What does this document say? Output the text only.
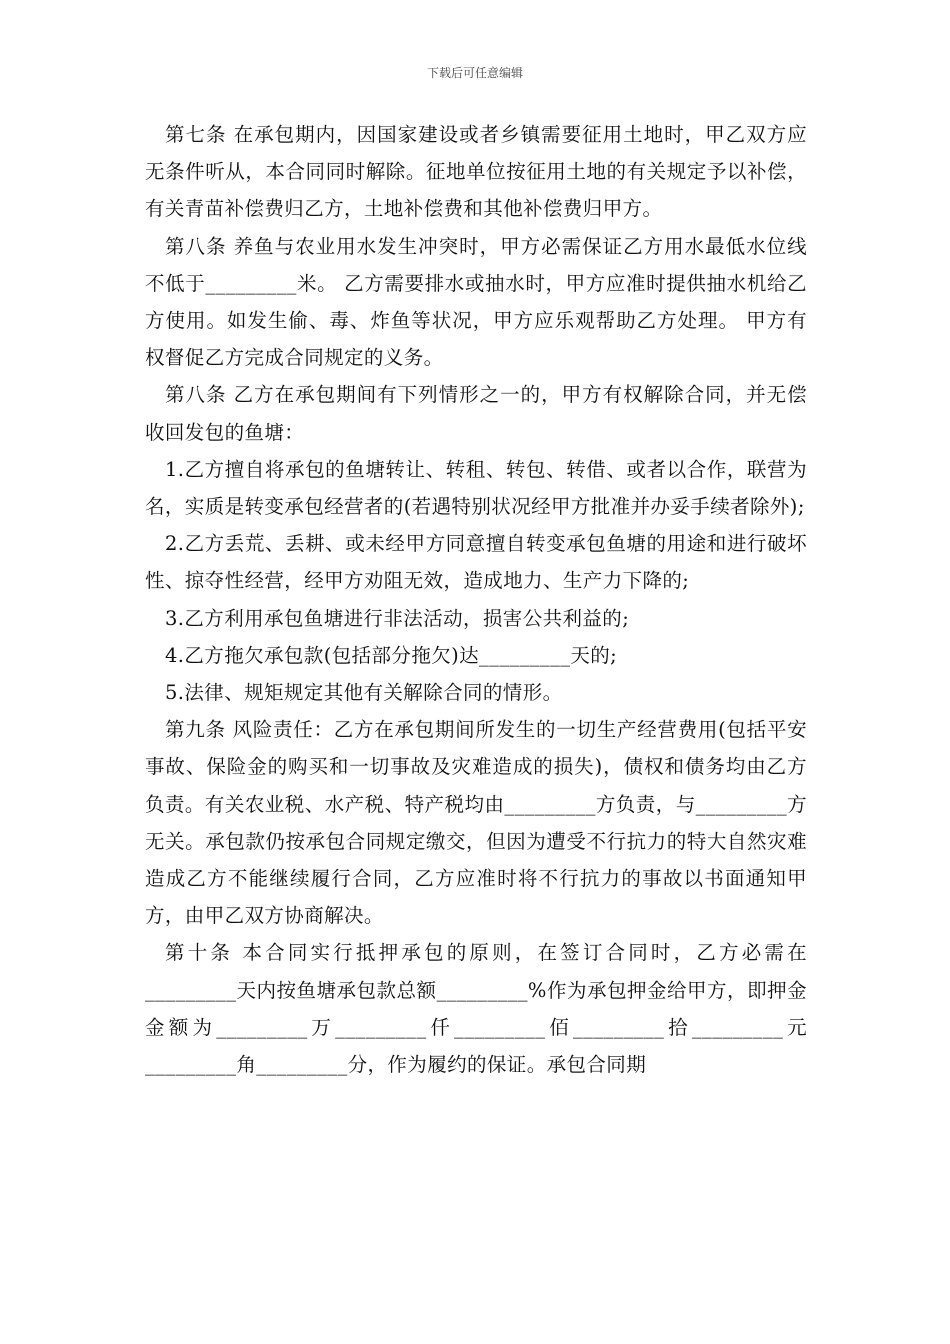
下载后可任意编辑

第七条 在承包期内，因国家建设或者乡镇需要征用土地时，甲乙双方应无条件听从，本合同同时解除。征地单位按征用土地的有关规定予以补偿，有关青苗补偿费归乙方，土地补偿费和其他补偿费归甲方。

第八条 养鱼与农业用水发生冲突时，甲方必需保证乙方用水最低水位线不低于_________米。 乙方需要排水或抽水时，甲方应准时提供抽水机给乙方使用。如发生偷、毒、炸鱼等状况，甲方应乐观帮助乙方处理。 甲方有权督促乙方完成合同规定的义务。

第八条 乙方在承包期间有下列情形之一的，甲方有权解除合同，并无偿收回发包的鱼塘：

1.乙方擅自将承包的鱼塘转让、转租、转包、转借、或者以合作，联营为名，实质是转变承包经营者的(若遇特别状况经甲方批准并办妥手续者除外);

2.乙方丢荒、丢耕、或未经甲方同意擅自转变承包鱼塘的用途和进行破坏性、掠夺性经营，经甲方劝阻无效，造成地力、生产力下降的;

3.乙方利用承包鱼塘进行非法活动，损害公共利益的;

4.乙方拖欠承包款(包括部分拖欠)达_________天的;

5.法律、规矩规定其他有关解除合同的情形。

第九条 风险责任：乙方在承包期间所发生的一切生产经营费用(包括平安事故、保险金的购买和一切事故及灾难造成的损失)，债权和债务均由乙方负责。有关农业税、水产税、特产税均由_________方负责，与_________方无关。承包款仍按承包合同规定缴交，但因为遭受不行抗力的特大自然灾难造成乙方不能继续履行合同，乙方应准时将不行抗力的事故以书面通知甲方，由甲乙双方协商解决。

第十条 本合同实行抵押承包的原则，在签订合同时，乙方必需在_________天内按鱼塘承包款总额_________%作为承包押金给甲方，即押金金额为_________万_________仟_________佰_________拾_________元_________角_________分，作为履约的保证。承包合同期
